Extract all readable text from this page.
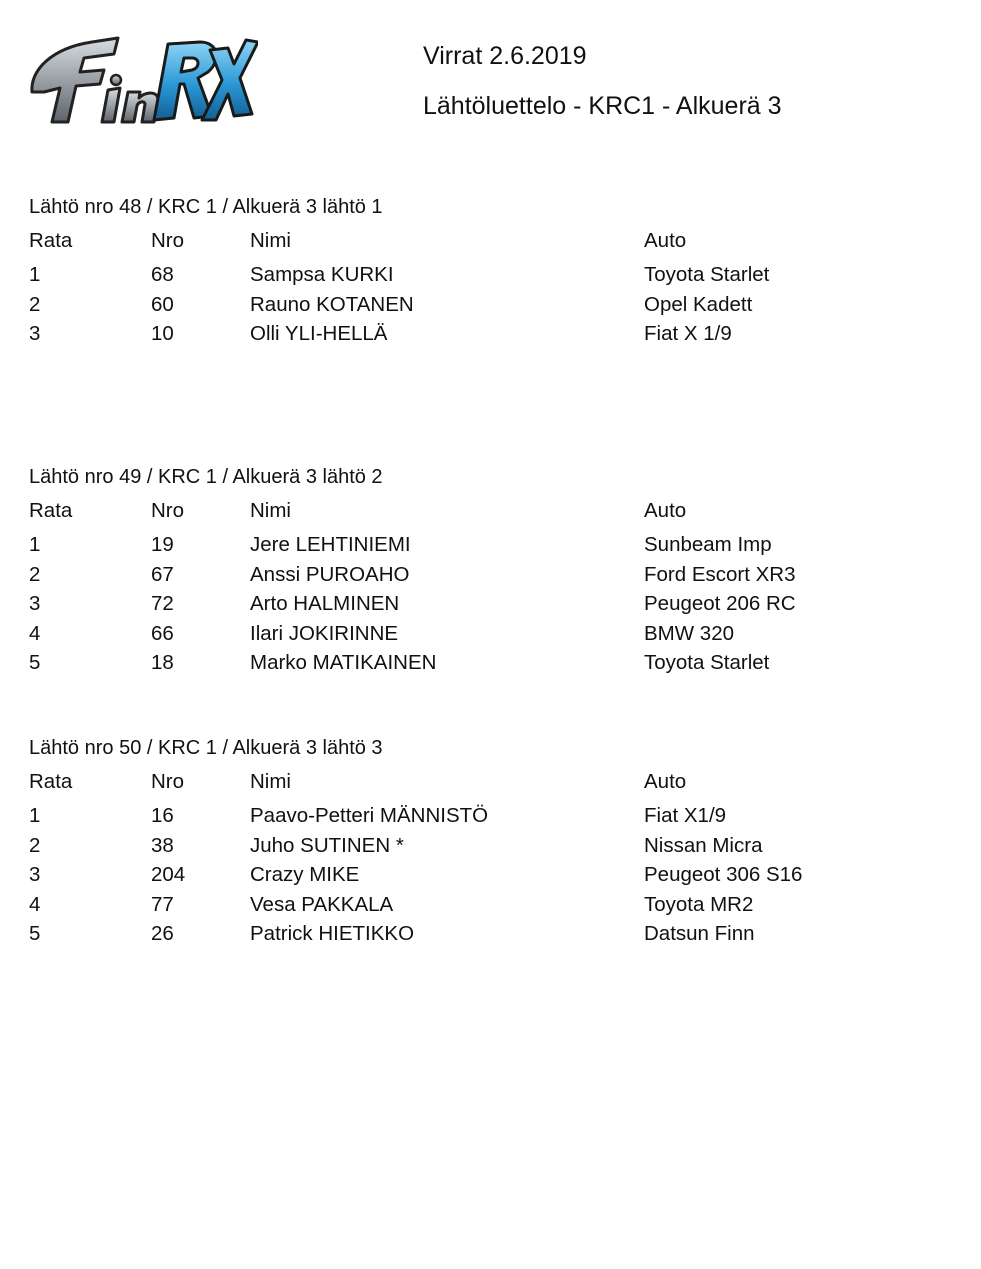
Virrat 2.6.2019
Lähtöluettelo - KRC1 - Alkuerä 3
Lähtö nro 48 / KRC 1 / Alkuerä 3 lähtö 1
Rata	Nro	Nimi	Auto
1	68	Sampsa KURKI	Toyota Starlet
2	60	Rauno KOTANEN	Opel Kadett
3	10	Olli YLI-HELLÄ	Fiat X 1/9
Lähtö nro 49 / KRC 1 / Alkuerä 3 lähtö 2
Rata	Nro	Nimi	Auto
1	19	Jere LEHTINIEMI	Sunbeam Imp
2	67	Anssi PUROAHO	Ford Escort XR3
3	72	Arto HALMINEN	Peugeot 206 RC
4	66	Ilari JOKIRINNE	BMW 320
5	18	Marko MATIKAINEN	Toyota Starlet
Lähtö nro 50 / KRC 1 / Alkuerä 3 lähtö 3
Rata	Nro	Nimi	Auto
1	16	Paavo-Petteri MÄNNISTÖ	Fiat X1/9
2	38	Juho SUTINEN *	Nissan Micra
3	204	Crazy MIKE	Peugeot 306 S16
4	77	Vesa PAKKALA	Toyota MR2
5	26	Patrick HIETIKKO	Datsun Finn
